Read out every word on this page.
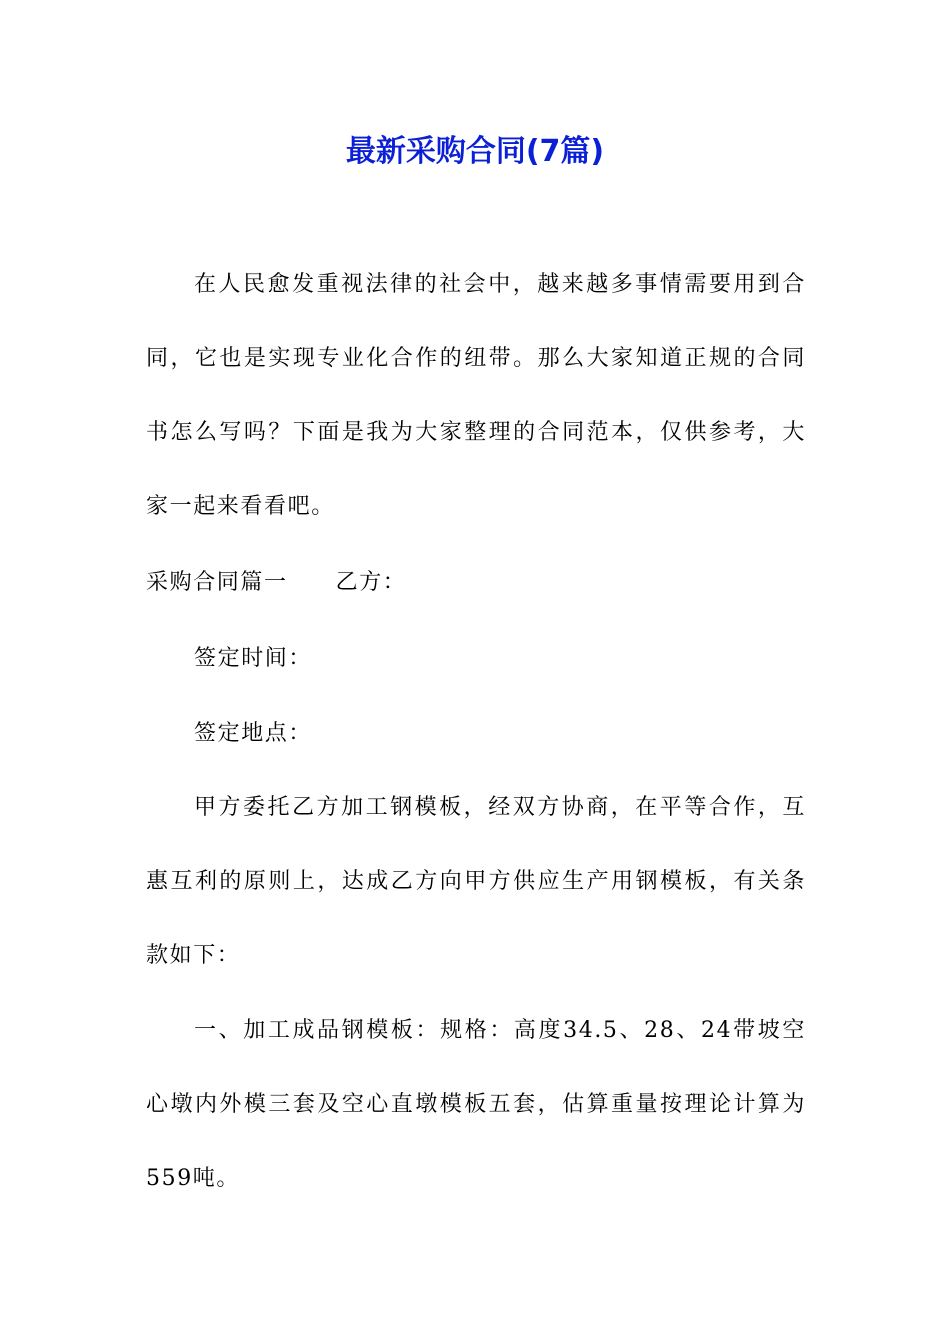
最新采购合同(7篇)

在人民愈发重视法律的社会中，越来越多事情需要用到合同，它也是实现专业化合作的纽带。那么大家知道正规的合同书怎么写吗？下面是我为大家整理的合同范本，仅供参考，大家一起来看看吧。

采购合同篇一 乙方：

签定时间：

签定地点：

甲方委托乙方加工钢模板，经双方协商，在平等合作，互惠互利的原则上，达成乙方向甲方供应生产用钢模板，有关条款如下：

一、加工成品钢模板：规格：高度34.5、28、24带坡空心墩内外模三套及空心直墩模板五套，估算重量按理论计算为559吨。
